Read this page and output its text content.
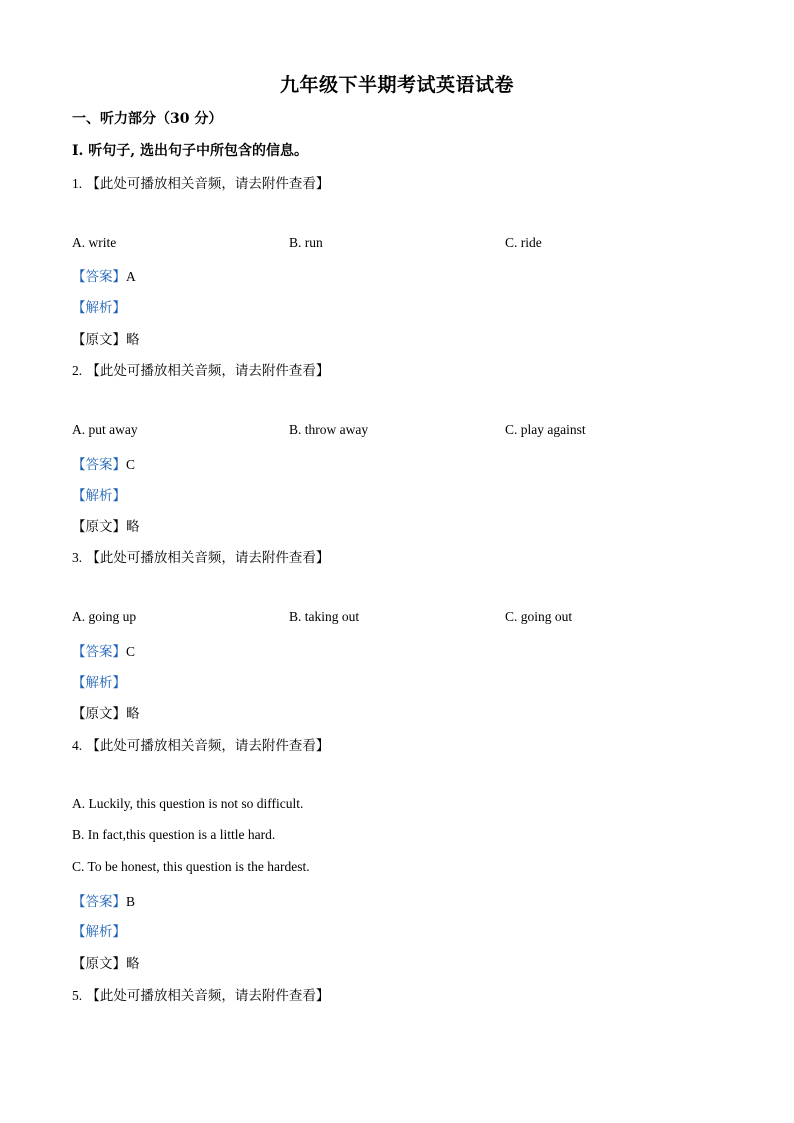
九年级下半期考试英语试卷
一、听力部分（30 分）
I. 听句子, 选出句子中所包含的信息。
1. 【此处可播放相关音频，请去附件查看】
A. write	B. run	C. ride
【答案】A
【解析】
【原文】略
2. 【此处可播放相关音频，请去附件查看】
A. put away	B. throw away	C. play against
【答案】C
【解析】
【原文】略
3. 【此处可播放相关音频，请去附件查看】
A. going up	B. taking out	C. going out
【答案】C
【解析】
【原文】略
4. 【此处可播放相关音频，请去附件查看】
A. Luckily, this question is not so difficult.
B. In fact,this question is a little hard.
C. To be honest, this question is the hardest.
【答案】B
【解析】
【原文】略
5. 【此处可播放相关音频，请去附件查看】
